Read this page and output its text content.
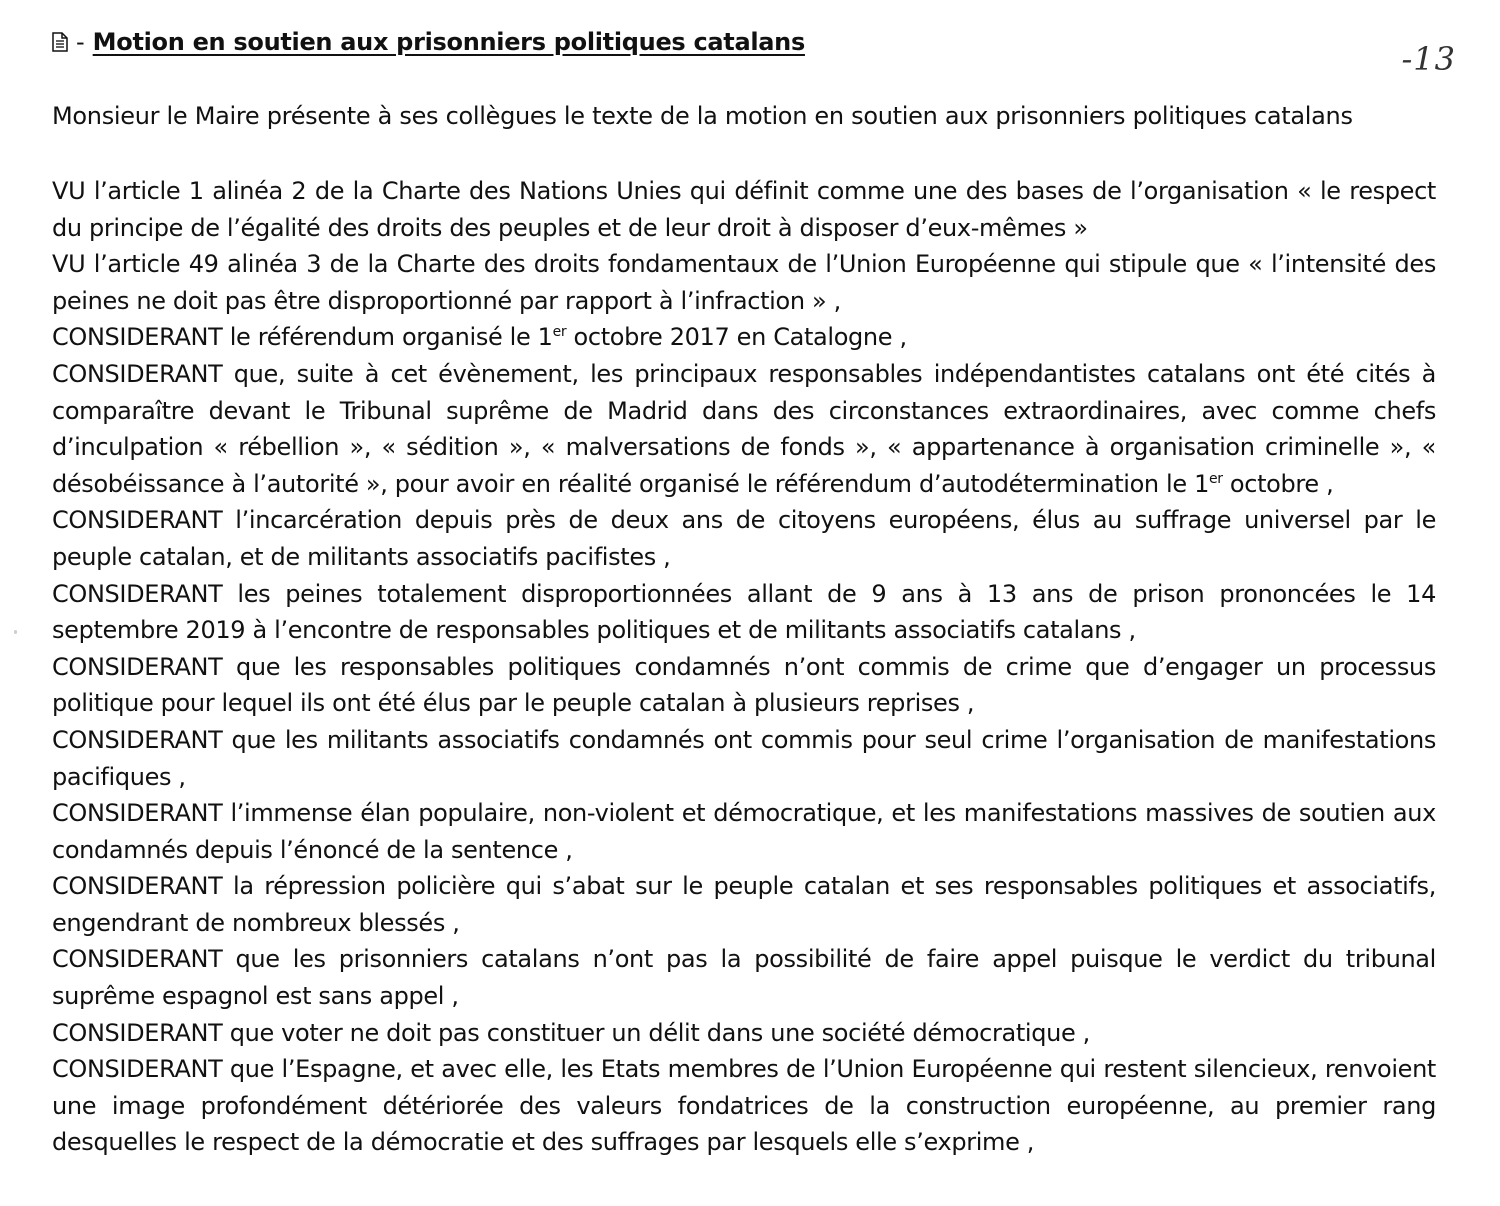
- Motion en soutien aux prisonniers politiques catalans	-13
Monsieur le Maire présente à ses collègues le texte de la motion en soutien aux prisonniers politiques catalans

VU l’article 1 alinéa 2 de la Charte des Nations Unies qui définit comme une des bases de l’organisation « le respect du principe de l’égalité des droits des peuples et de leur droit à disposer d’eux-mêmes »

VU l’article 49 alinéa 3 de la Charte des droits fondamentaux de l’Union Européenne qui stipule que « l’intensité des peines ne doit pas être disproportionné par rapport à l’infraction » ,

CONSIDERANT le référendum organisé le 1er octobre 2017 en Catalogne ,

CONSIDERANT que, suite à cet évènement, les principaux responsables indépendantistes catalans ont été cités à comparaître devant le Tribunal suprême de Madrid dans des circonstances extraordinaires, avec comme chefs d’inculpation « rébellion », « sédition », « malversations de fonds », « appartenance à organisation criminelle », « désobéissance à l’autorité », pour avoir en réalité organisé le référendum d’autodétermination le 1er octobre ,

CONSIDERANT l’incarcération depuis près de deux ans de citoyens européens, élus au suffrage universel par le peuple catalan, et de militants associatifs pacifistes ,

CONSIDERANT les peines totalement disproportionnées allant de 9 ans à 13 ans de prison prononcées le 14 septembre 2019 à l’encontre de responsables politiques et de militants associatifs catalans ,

CONSIDERANT que les responsables politiques condamnés n’ont commis de crime que d’engager un processus politique pour lequel ils ont été élus par le peuple catalan à plusieurs reprises ,

CONSIDERANT que les militants associatifs condamnés ont commis pour seul crime l’organisation de manifestations pacifiques ,

CONSIDERANT l’immense élan populaire, non-violent et démocratique, et les manifestations massives de soutien aux condamnés depuis l’énoncé de la sentence ,

CONSIDERANT la répression policière qui s’abat sur le peuple catalan et ses responsables politiques et associatifs, engendrant de nombreux blessés ,

CONSIDERANT que les prisonniers catalans n’ont pas la possibilité de faire appel puisque le verdict du tribunal suprême espagnol est sans appel ,

CONSIDERANT que voter ne doit pas constituer un délit dans une société démocratique ,

CONSIDERANT que l’Espagne, et avec elle, les Etats membres de l’Union Européenne qui restent silencieux, renvoient une image profondément détériorée des valeurs fondatrices de la construction européenne, au premier rang desquelles le respect de la démocratie et des suffrages par lesquels elle s’exprime ,
